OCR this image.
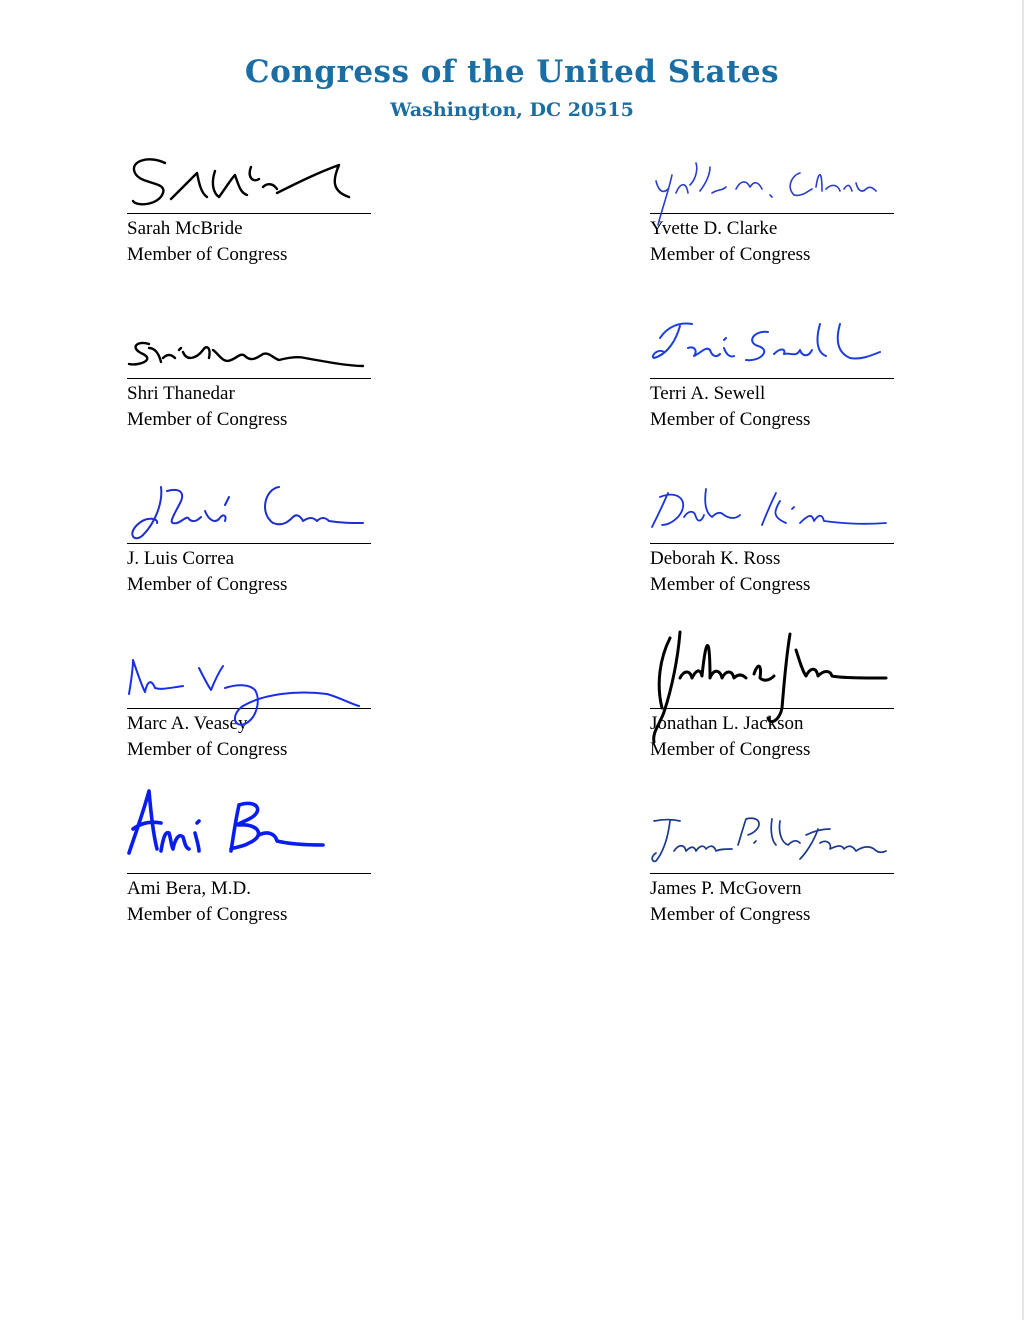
Congress of the United States
Washington, DC 20515
Sarah McBride
Member of Congress
Yvette D. Clarke
Member of Congress
Shri Thanedar
Member of Congress
Terri A. Sewell
Member of Congress
J. Luis Correa
Member of Congress
Deborah K. Ross
Member of Congress
Marc A. Veasey
Member of Congress
Jonathan L. Jackson
Member of Congress
Ami Bera, M.D.
Member of Congress
James P. McGovern
Member of Congress
